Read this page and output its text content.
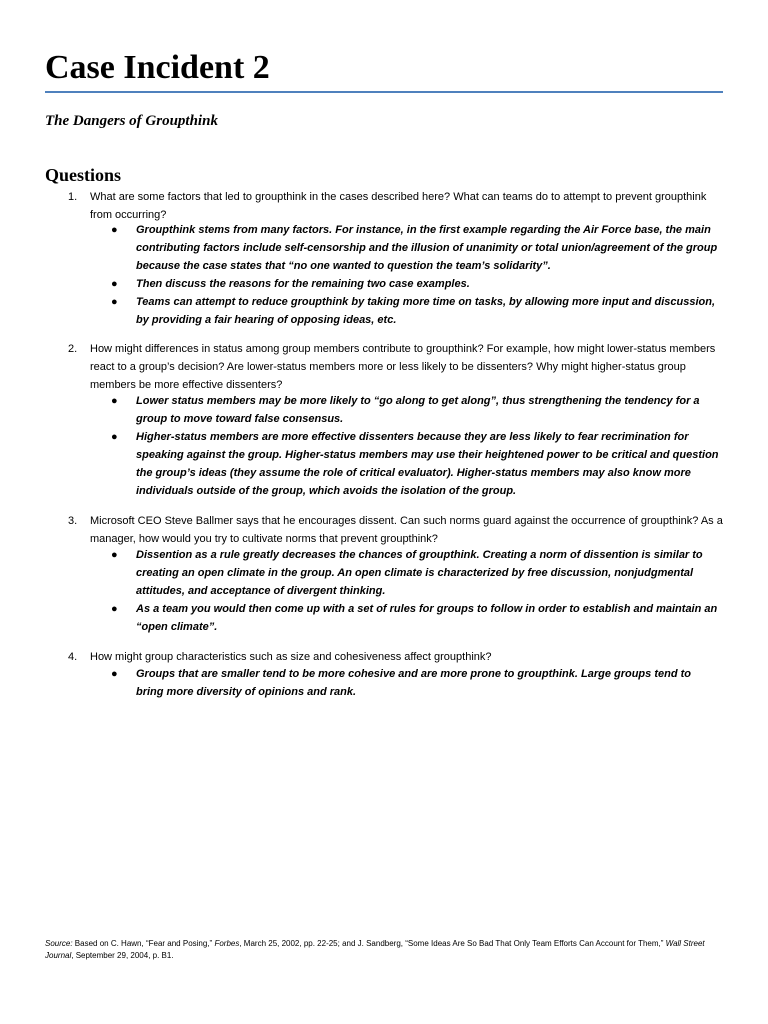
Case Incident 2
The Dangers of Groupthink
Questions
1. What are some factors that led to groupthink in the cases described here? What can teams do to attempt to prevent groupthink from occurring?

● Groupthink stems from many factors. For instance, in the first example regarding the Air Force base, the main contributing factors include self-censorship and the illusion of unanimity or total union/agreement of the group because the case states that “no one wanted to question the team’s solidarity”.
● Then discuss the reasons for the remaining two case examples.
● Teams can attempt to reduce groupthink by taking more time on tasks, by allowing more input and discussion, by providing a fair hearing of opposing ideas, etc.
2. How might differences in status among group members contribute to groupthink? For example, how might lower-status members react to a group’s decision? Are lower-status members more or less likely to be dissenters? Why might higher-status group members be more effective dissenters?

● Lower status members may be more likely to “go along to get along”, thus strengthening the tendency for a group to move toward false consensus.
● Higher-status members are more effective dissenters because they are less likely to fear recrimination for speaking against the group. Higher-status members may use their heightened power to be critical and question the group’s ideas (they assume the role of critical evaluator). Higher-status members may also know more individuals outside of the group, which avoids the isolation of the group.
3. Microsoft CEO Steve Ballmer says that he encourages dissent. Can such norms guard against the occurrence of groupthink? As a manager, how would you try to cultivate norms that prevent groupthink?

● Dissention as a rule greatly decreases the chances of groupthink. Creating a norm of dissention is similar to creating an open climate in the group. An open climate is characterized by free discussion, nonjudgmental attitudes, and acceptance of divergent thinking.
● As a team you would then come up with a set of rules for groups to follow in order to establish and maintain an “open climate”.
4. How might group characteristics such as size and cohesiveness affect groupthink?

● Groups that are smaller tend to be more cohesive and are more prone to groupthink. Large groups tend to bring more diversity of opinions and rank.

Source: Based on C. Hawn, “Fear and Posing,” Forbes, March 25, 2002, pp. 22-25; and J. Sandberg, “Some Ideas Are So Bad That Only Team Efforts Can Account for Them,” Wall Street Journal, September 29, 2004, p. B1.
